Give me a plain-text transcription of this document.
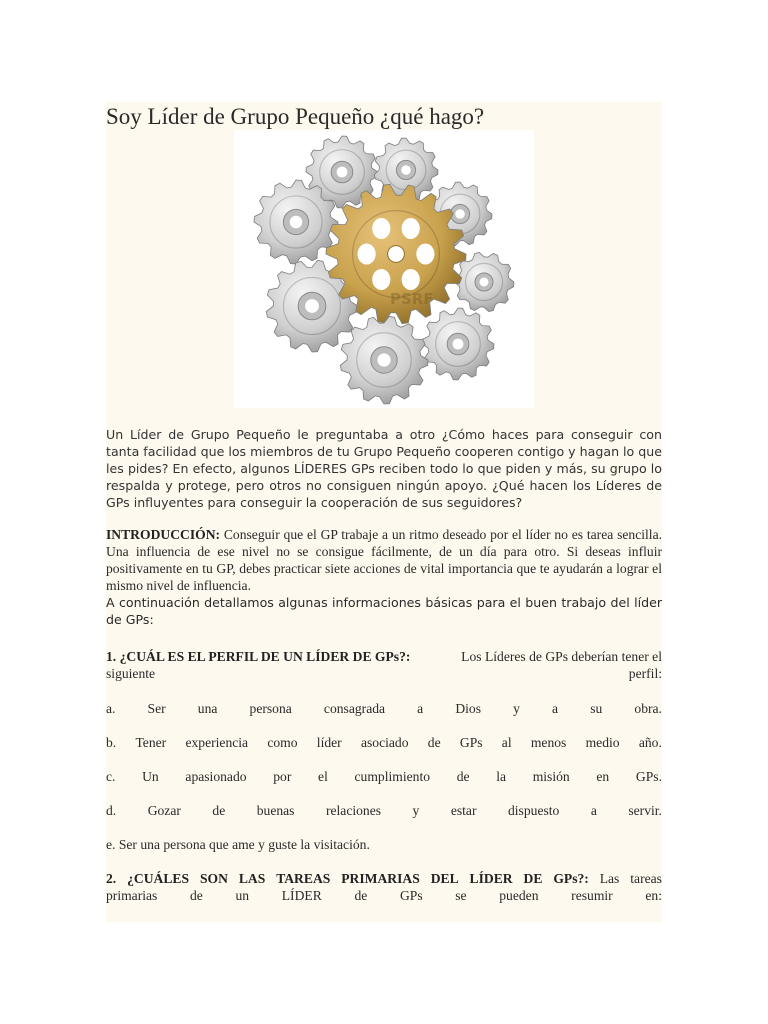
Soy Líder de Grupo Pequeño ¿qué hago?
PSRF

Un Líder de Grupo Pequeño le preguntaba a otro ¿Cómo haces para conseguir con tanta facilidad que los miembros de tu Grupo Pequeño cooperen contigo y hagan lo que les pides? En efecto, algunos LÍDERES GPs reciben todo lo que piden y más, su grupo lo respalda y protege, pero otros no consiguen ningún apoyo. ¿Qué hacen los Líderes de GPs influyentes para conseguir la cooperación de sus seguidores?

INTRODUCCIÓN: Conseguir que el GP trabaje a un ritmo deseado por el líder no es tarea sencilla. Una influencia de ese nivel no se consigue fácilmente, de un día para otro. Si deseas influir positivamente en tu GP, debes practicar siete acciones de vital importancia que te ayudarán a lograr el mismo nivel de influencia.
A continuación detallamos algunas informaciones básicas para el buen trabajo del líder de GPs:
1. ¿CUÁL ES EL PERFIL DE UN LÍDER DE GPs?:	Los Líderes de GPs deberían tener el
siguiente	perfil:
a. Ser una persona consagrada a Dios y a su obra.
b. Tener experiencia como líder asociado de GPs al menos medio año.
c. Un apasionado por el cumplimiento de la misión en GPs.
d. Gozar de buenas relaciones y estar dispuesto a servir.
e. Ser una persona que ame y guste la visitación.
2. ¿CUÁLES SON LAS TAREAS PRIMARIAS DEL LÍDER DE GPs?: Las tareas
primarias de un LÍDER de GPs se pueden resumir en:
